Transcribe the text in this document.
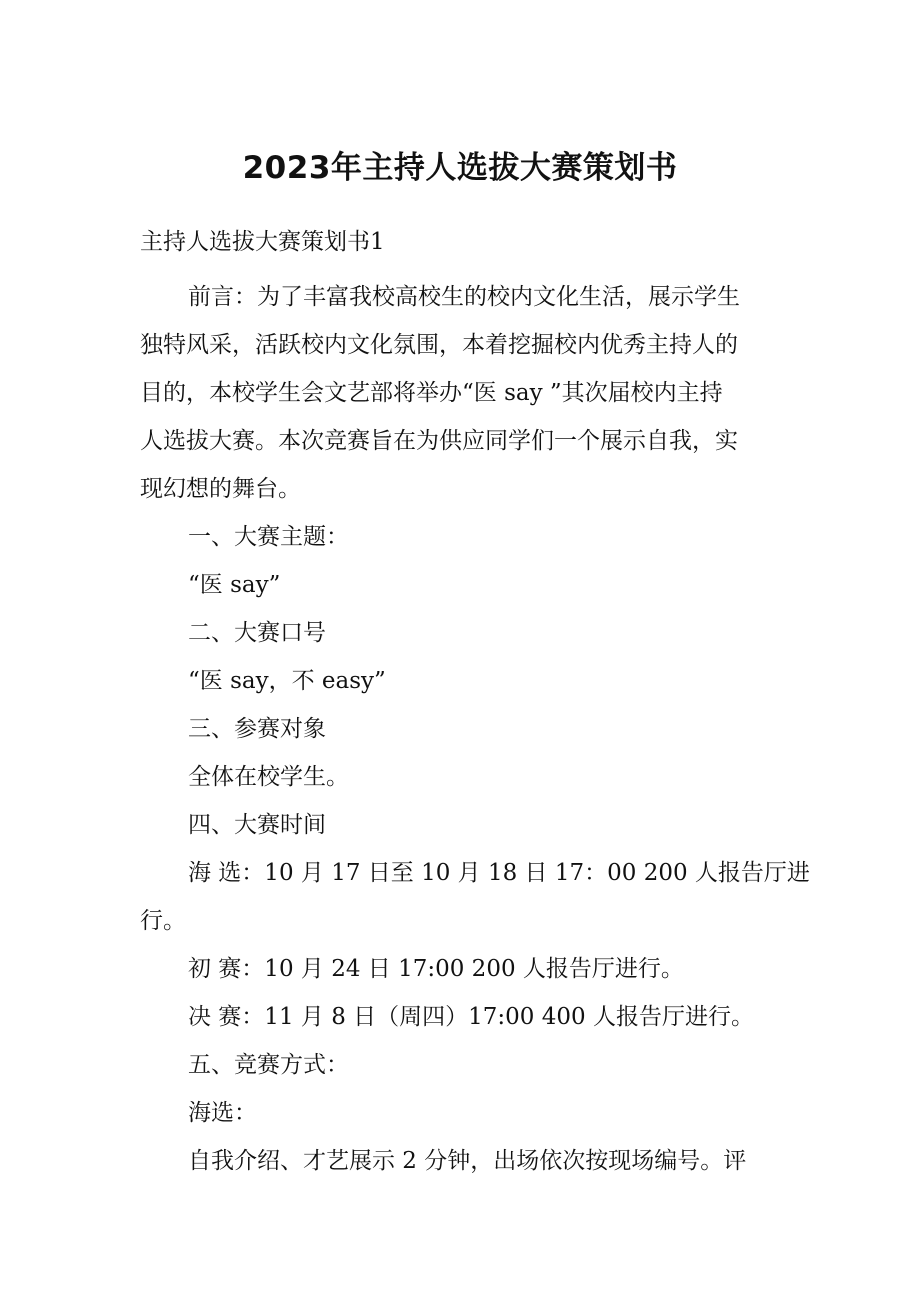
2023年主持人选拔大赛策划书

主持人选拔大赛策划书1

前言：为了丰富我校高校生的校内文化生活，展示学生

独特风采，活跃校内文化氛围，本着挖掘校内优秀主持人的

目的，本校学生会文艺部将举办“医 say ”其次届校内主持

人选拔大赛。本次竞赛旨在为供应同学们一个展示自我，实

现幻想的舞台。

一、大赛主题：

“医 say”

二、大赛口号

“医 say，不 easy”

三、参赛对象

全体在校学生。

四、大赛时间

海 选：10 月 17 日至 10 月 18 日 17：00 200 人报告厅进

行。

初 赛：10 月 24 日 17:00 200 人报告厅进行。

决 赛：11 月 8 日（周四）17:00 400 人报告厅进行。

五、竞赛方式：

海选：

自我介绍、才艺展示 2 分钟，出场依次按现场编号。评
